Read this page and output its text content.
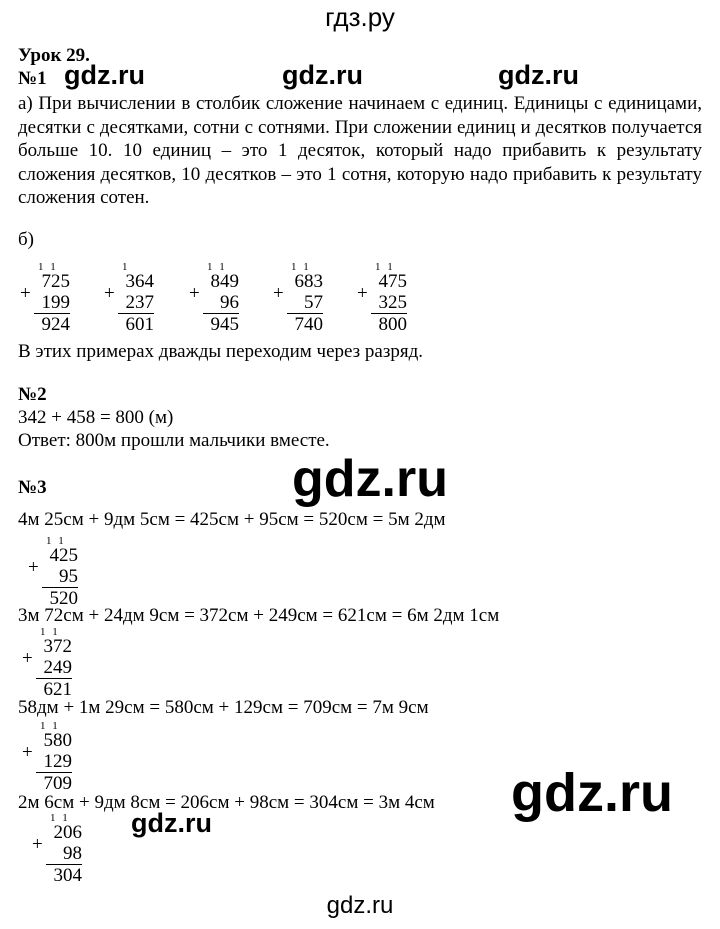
гдз.ру
Урок 29.
№1 gdz.ru	gdz.ru	gdz.ru
а) При вычислении в столбик сложение начинаем с единиц. Единицы с единицами, десятки с десятками, сотни с сотнями. При сложении единиц и десятков получается больше 10. 10 единиц – это 1 десяток, который надо прибавить к результату сложения десятков, 10 десятков – это 1 сотня, которую надо прибавить к результату сложения сотен.
б)
1 1
+
725
199
924
1
+
364
237
601
1 1
+
849
96
945
1 1
+
683
57
740
1 1
+
475
325
800
В этих примерах дважды переходим через разряд.
№2
342 + 458 = 800 (м)
Ответ: 800м прошли мальчики вместе.
gdz.ru
№3
4м 25см + 9дм 5см = 425см + 95см = 520см = 5м 2дм
1 1
+
425
95
520
3м 72см + 24дм 9см = 372см + 249см = 621см = 6м 2дм 1см
1 1
+
372
249
621
58дм + 1м 29см = 580см + 129см = 709см = 7м 9см
1 1
+
580
129
709	gdz.ru
2м 6см + 9дм 8см = 206см + 98см = 304см = 3м 4см
1 1
+
206
98
304
gdz.ru
gdz.ru
